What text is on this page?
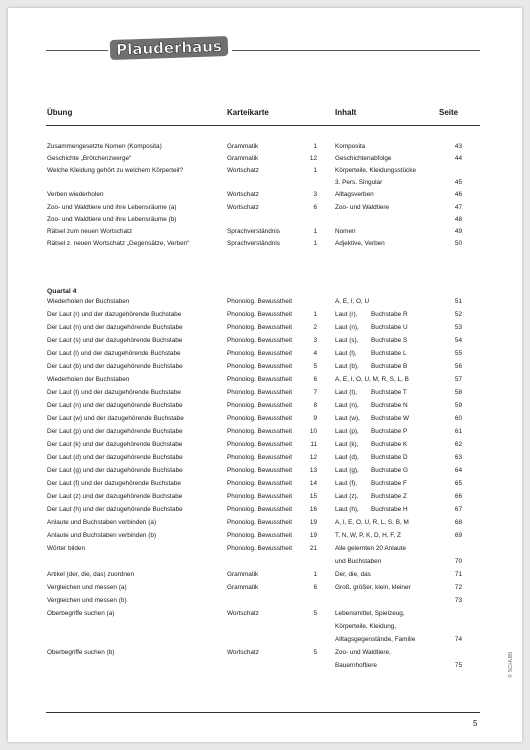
Plauderhaus
Übung	Karteikarte	Inhalt	Seite
Zusammengesetzte Nomen (Komposita)	Grammatik	1	Komposita	43
Geschichte „Brötchenzwerge“	Grammatik	12	Geschichtenabfolge	44
Welche Kleidung gehört zu welchem Körperteil?	Wortschatz	1	Körperteile, Kleidungsstücke
3. Pers. Singular	45
Verben wiederholen	Wortschatz	3	Alltagsverben	46
Zoo- und Waldtiere und ihre Lebensräume (a)	Wortschatz	6	Zoo- und Waldtiere	47
Zoo- und Waldtiere und ihre Lebensräume (b)	48
Rätsel zum neuen Wortschatz	Sprachverständnis	1	Nomen	49
Rätsel z. neuen Wortschatz „Gegensätze, Verben“	Sprachverständnis	1	Adjektive, Verben	50
Quartal 4
Wiederholen der Buchstaben	Phonolog. Bewusstheit	A, E, I, O, U	51
Der Laut (r) und der dazugehörende Buchstabe	Phonolog. Bewusstheit	1	Laut (r), Buchstabe R	52
Der Laut (n) und der dazugehörende Buchstabe	Phonolog. Bewusstheit	2	Laut (n), Buchstabe U	53
Der Laut (s) und der dazugehörende Buchstabe	Phonolog. Bewusstheit	3	Laut (s), Buchstabe S	54
Der Laut (l) und der dazugehörende Buchstabe	Phonolog. Bewusstheit	4	Laut (l), Buchstabe L	55
Der Laut (b) und der dazugehörende Buchstabe	Phonolog. Bewusstheit	5	Laut (b), Buchstabe B	56
Wiederholen der Buchstaben	Phonolog. Bewusstheit	6	A, E, I, O, U, M, R, S, L, B	57
Der Laut (t) und der dazugehörende Buchstabe	Phonolog. Bewusstheit	7	Laut (t), Buchstabe T	58
Der Laut (n) und der dazugehörende Buchstabe	Phonolog. Bewusstheit	8	Laut (n), Buchstabe N	59
Der Laut (w) und der dazugehörende Buchstabe	Phonolog. Bewusstheit	9	Laut (w), Buchstabe W	60
Der Laut (p) und der dazugehörende Buchstabe	Phonolog. Bewusstheit	10	Laut (p), Buchstabe P	61
Der Laut (k) und der dazugehörende Buchstabe	Phonolog. Bewusstheit	11	Laut (k), Buchstabe K	62
Der Laut (d) und der dazugehörende Buchstabe	Phonolog. Bewusstheit	12	Laut (d), Buchstabe D	63
Der Laut (g) und der dazugehörende Buchstabe	Phonolog. Bewusstheit	13	Laut (g), Buchstabe G	64
Der Laut (f) und der dazugehörende Buchstabe	Phonolog. Bewusstheit	14	Laut (f), Buchstabe F	65
Der Laut (z) und der dazugehörende Buchstabe	Phonolog. Bewusstheit	15	Laut (z), Buchstabe Z	66
Der Laut (h) und der dazugehörende Buchstabe	Phonolog. Bewusstheit	16	Laut (h), Buchstabe H	67
Anlaute und Buchstaben verbinden (a)	Phonolog. Bewusstheit	19	A, I, E, O, U, R, L, S, B, M	68
Anlaute und Buchstaben verbinden (b)	Phonolog. Bewusstheit	19	T, N, W, P, K, D, H, F, Z	69
Wörter bilden	Phonolog. Bewusstheit	21	Alle gelernten 20 Anlaute
und Buchstaben	70
Artikel (der, die, das) zuordnen	Grammatik	1	Der, die, das	71
Vergleichen und messen (a)	Grammatik	6	Groß, größer, klein, kleiner	72
Vergleichen und messen (b)	73
Oberbegriffe suchen (a)	Wortschatz	5	Lebensmittel, Spielzeug,
Körperteile, Kleidung,
Alltagsgegenstände, Familie	74
Oberbegriffe suchen (b)	Wortschatz	5	Zoo- und Waldtiere,
Bauernhoftiere	75
5
© SCHUBI
